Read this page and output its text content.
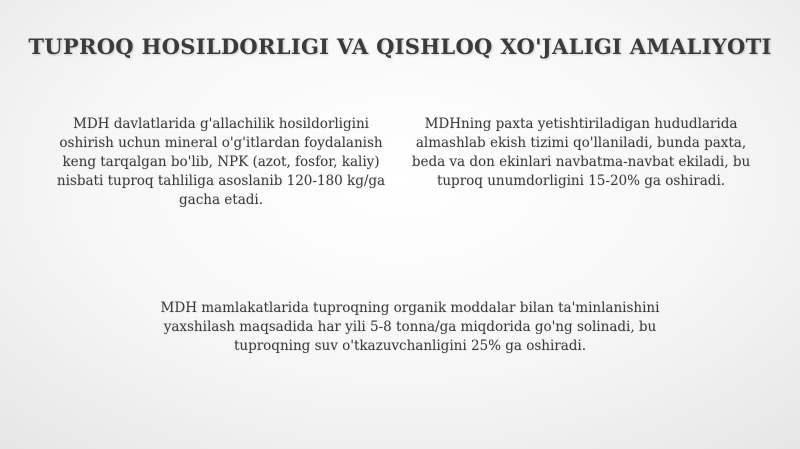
TUPROQ HOSILDORLIGI VA QISHLOQ XO'JALIGI AMALIYOTI

MDH davlatlarida g'allachilik hosildorligini oshirish uchun mineral o'g'itlardan foydalanish keng tarqalgan bo'lib, NPK (azot, fosfor, kaliy) nisbati tuproq tahliliga asoslanib 120-180 kg/ga gacha etadi.

MDHning paxta yetishtiriladigan hududlarida almashlab ekish tizimi qo'llaniladi, bunda paxta, beda va don ekinlari navbatma-navbat ekiladi, bu tuproq unumdorligini 15-20% ga oshiradi.

MDH mamlakatlarida tuproqning organik moddalar bilan ta'minlanishini yaxshilash maqsadida har yili 5-8 tonna/ga miqdorida go'ng solinadi, bu tuproqning suv o'tkazuvchanligini 25% ga oshiradi.
